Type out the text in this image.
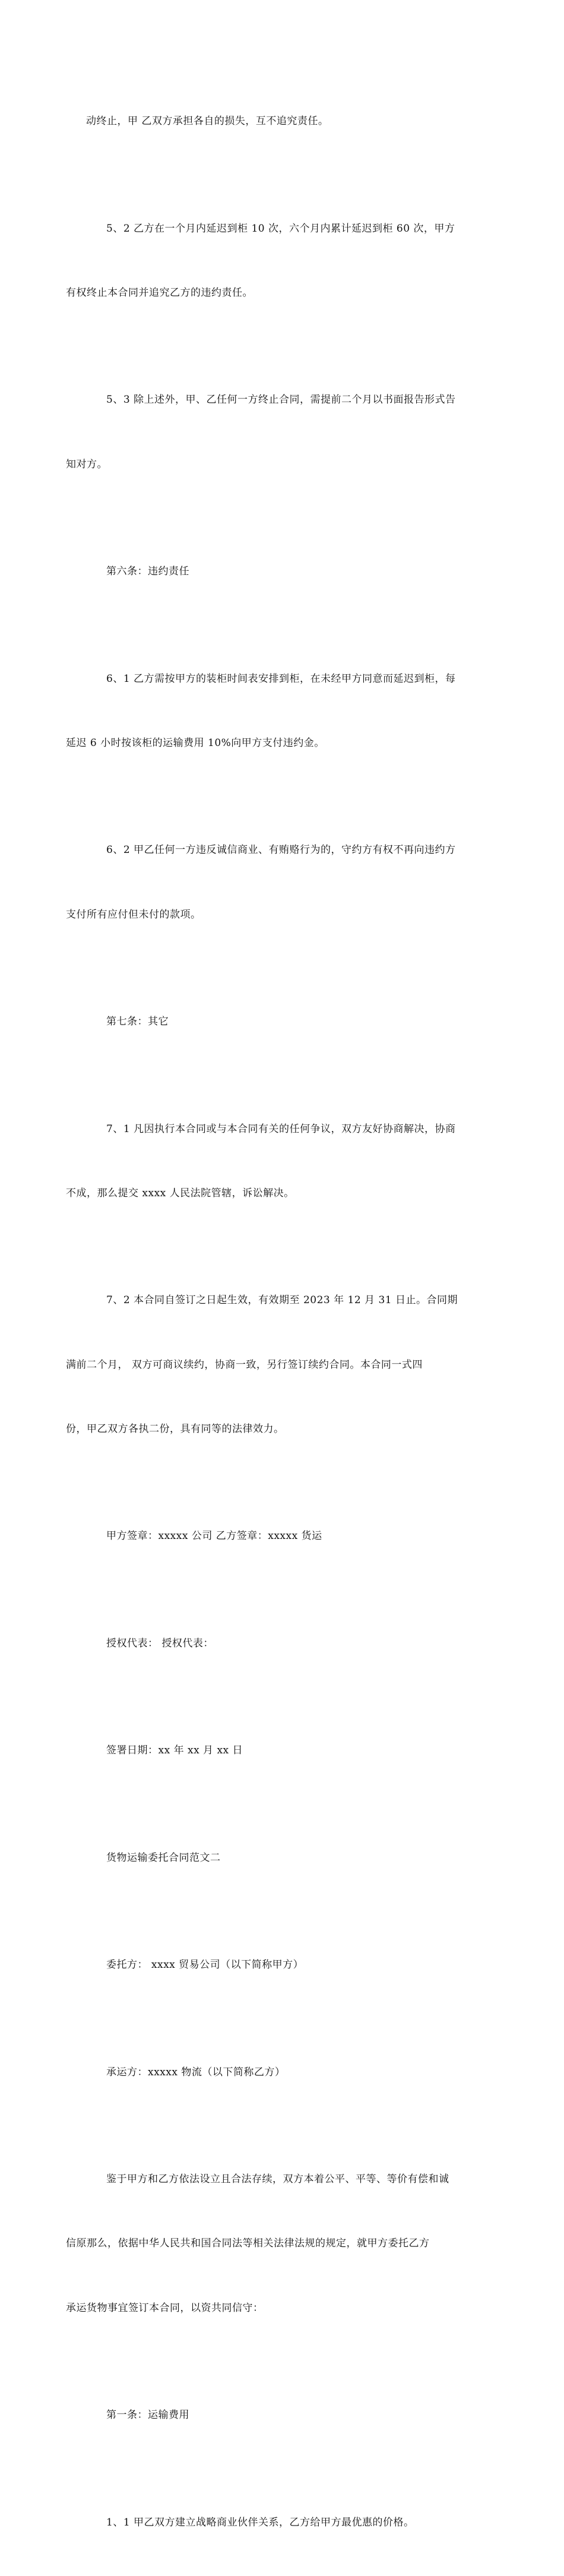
动终止，甲 乙双方承担各自的损失，互不追究责任。

5、2 乙方在一个月内延迟到柜 10 次，六个月内累计延迟到柜 60 次，甲方

有权终止本合同并追究乙方的违约责任。

5、3 除上述外，甲、乙任何一方终止合同，需提前二个月以书面报告形式告

知对方。

第六条：违约责任

6、1 乙方需按甲方的装柜时间表安排到柜，在未经甲方同意而延迟到柜，每

延迟 6 小时按该柜的运输费用 10%向甲方支付违约金。

6、2 甲乙任何一方违反诚信商业、有贿赂行为的，守约方有权不再向违约方

支付所有应付但未付的款项。

第七条：其它

7、1 凡因执行本合同或与本合同有关的任何争议，双方友好协商解决，协商

不成，那么提交 xxxx 人民法院管辖，诉讼解决。

7、2 本合同自签订之日起生效，有效期至 2023 年 12 月 31 日止。合同期

满前二个月， 双方可商议续约，协商一致，另行签订续约合同。本合同一式四

份，甲乙双方各执二份，具有同等的法律效力。

甲方签章：xxxxx 公司 乙方签章：xxxxx 货运

授权代表： 授权代表：

签署日期：xx 年 xx 月 xx 日

货物运输委托合同范文二

委托方： xxxx 贸易公司（以下简称甲方）

承运方：xxxxx 物流（以下简称乙方）

鉴于甲方和乙方依法设立且合法存续，双方本着公平、平等、等价有偿和诚

信原那么，依据中华人民共和国合同法等相关法律法规的规定，就甲方委托乙方

承运货物事宜签订本合同，以资共同信守：

第一条：运输费用

1、1 甲乙双方建立战略商业伙伴关系，乙方给甲方最优惠的价格。
